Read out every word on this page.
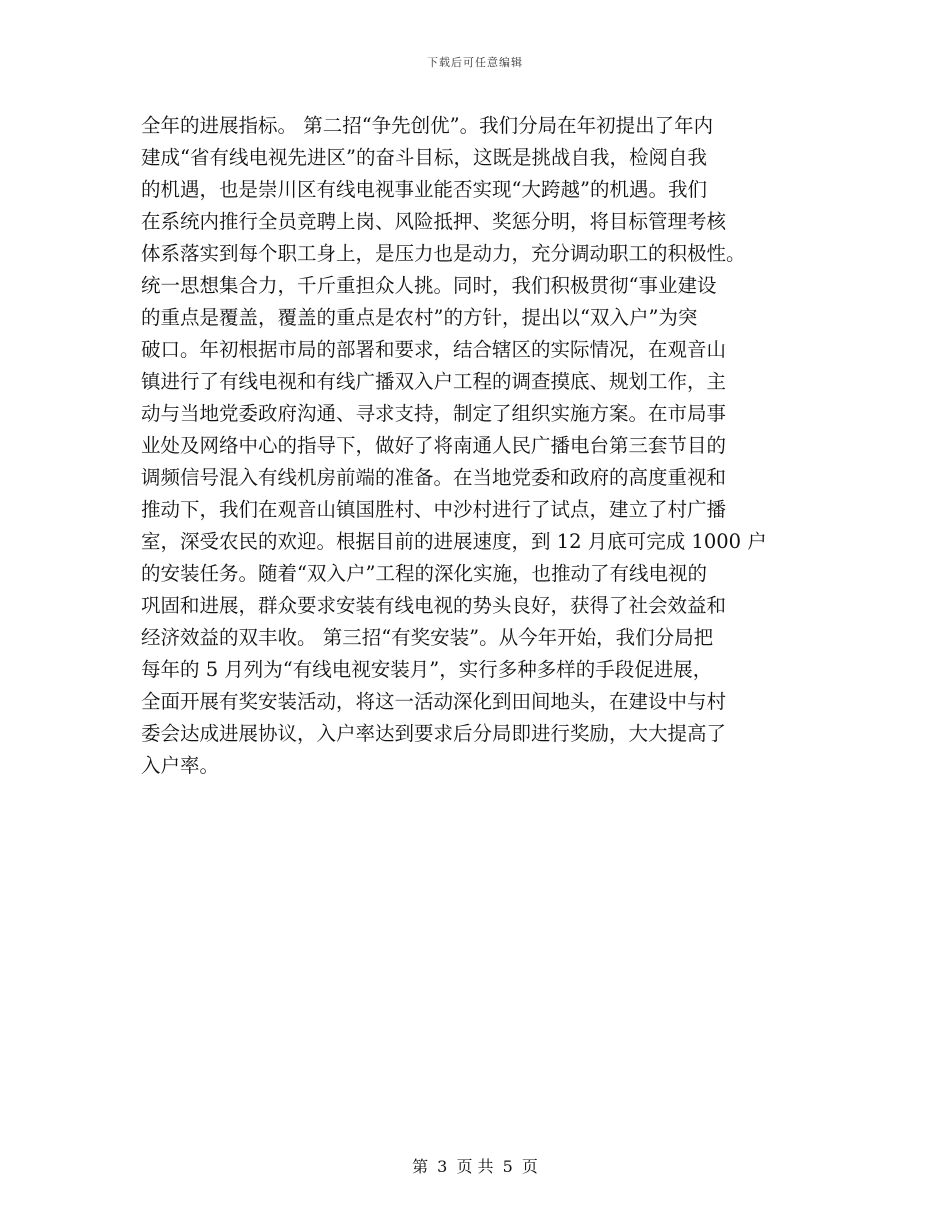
下载后可任意编辑
全年的进展指标。 第二招“争先创优”。我们分局在年初提出了年内
建成“省有线电视先进区”的奋斗目标，这既是挑战自我，检阅自我
的机遇，也是崇川区有线电视事业能否实现“大跨越”的机遇。我们
在系统内推行全员竞聘上岗、风险抵押、奖惩分明，将目标管理考核
体系落实到每个职工身上，是压力也是动力，充分调动职工的积极性。
统一思想集合力，千斤重担众人挑。同时，我们积极贯彻“事业建设
的重点是覆盖，覆盖的重点是农村”的方针，提出以“双入户”为突
破口。年初根据市局的部署和要求，结合辖区的实际情况，在观音山
镇进行了有线电视和有线广播双入户工程的调查摸底、规划工作，主
动与当地党委政府沟通、寻求支持，制定了组织实施方案。在市局事
业处及网络中心的指导下，做好了将南通人民广播电台第三套节目的
调频信号混入有线机房前端的准备。在当地党委和政府的高度重视和
推动下，我们在观音山镇国胜村、中沙村进行了试点，建立了村广播
室，深受农民的欢迎。根据目前的进展速度，到 12 月底可完成 1000 户
的安装任务。随着“双入户”工程的深化实施，也推动了有线电视的
巩固和进展，群众要求安装有线电视的势头良好，获得了社会效益和
经济效益的双丰收。 第三招“有奖安装”。从今年开始，我们分局把
每年的 5 月列为“有线电视安装月”，实行多种多样的手段促进展，
全面开展有奖安装活动，将这一活动深化到田间地头，在建设中与村
委会达成进展协议，入户率达到要求后分局即进行奖励，大大提高了
入户率。
第 3 页 共 5 页
